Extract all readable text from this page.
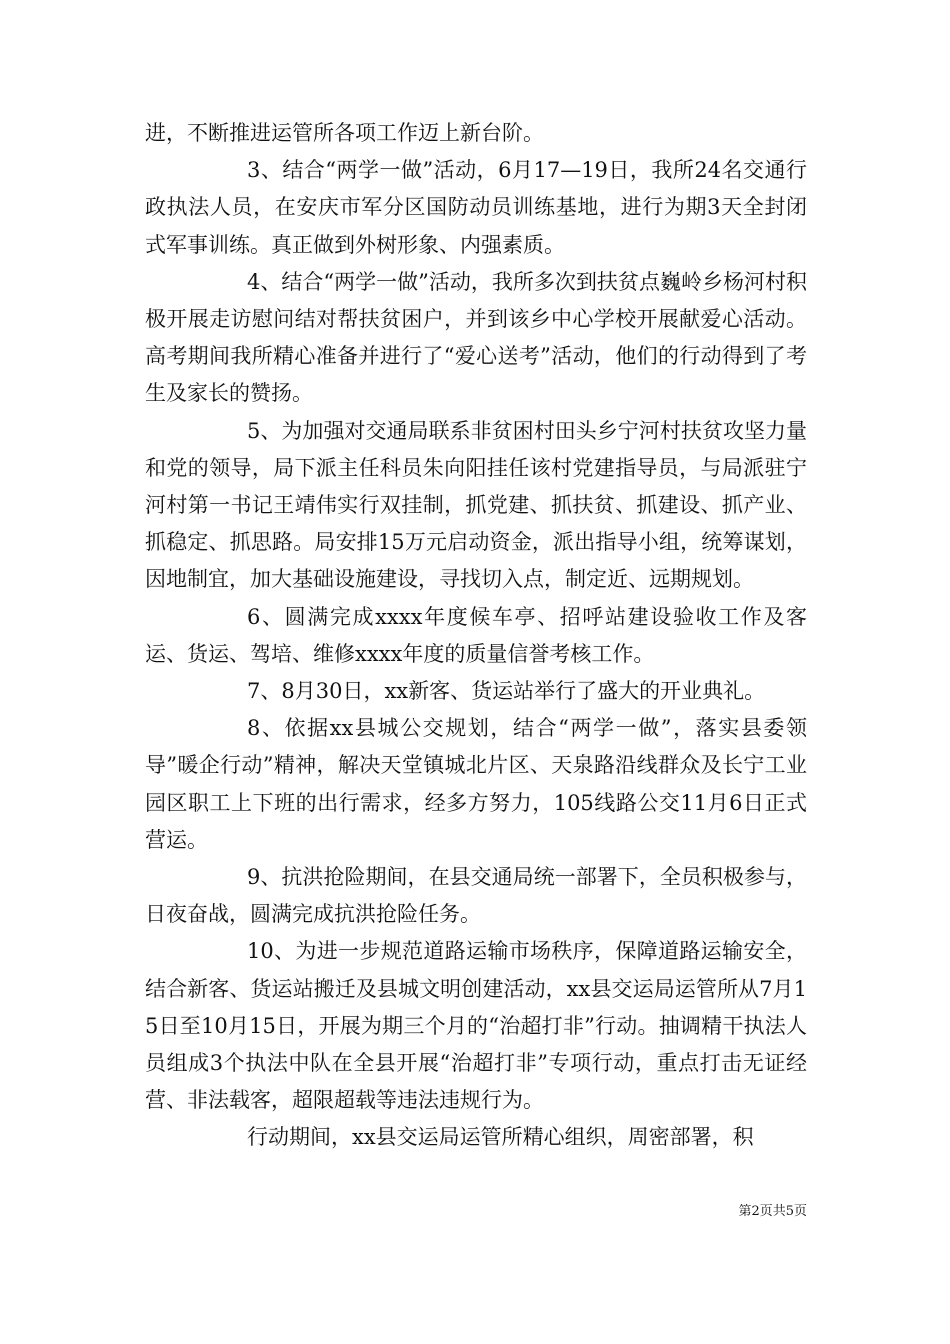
进，不断推进运管所各项工作迈上新台阶。

3、结合“两学一做”活动，6月17—19日，我所24名交通行政执法人员，在安庆市军分区国防动员训练基地，进行为期3天全封闭式军事训练。真正做到外树形象、内强素质。

4、结合“两学一做”活动，我所多次到扶贫点巍岭乡杨河村积极开展走访慰问结对帮扶贫困户，并到该乡中心学校开展献爱心活动。高考期间我所精心准备并进行了“爱心送考”活动，他们的行动得到了考生及家长的赞扬。

5、为加强对交通局联系非贫困村田头乡宁河村扶贫攻坚力量和党的领导，局下派主任科员朱向阳挂任该村党建指导员，与局派驻宁河村第一书记王靖伟实行双挂制，抓党建、抓扶贫、抓建设、抓产业、抓稳定、抓思路。局安排15万元启动资金，派出指导小组，统筹谋划，因地制宜，加大基础设施建设，寻找切入点，制定近、远期规划。

6、圆满完成xxxx年度候车亭、招呼站建设验收工作及客运、货运、驾培、维修xxxx年度的质量信誉考核工作。

7、8月30日，xx新客、货运站举行了盛大的开业典礼。

8、依据xx县城公交规划，结合“两学一做”，落实县委领导”暖企行动”精神，解决天堂镇城北片区、天泉路沿线群众及长宁工业园区职工上下班的出行需求，经多方努力，105线路公交11月6日正式营运。

9、抗洪抢险期间，在县交通局统一部署下，全员积极参与，日夜奋战，圆满完成抗洪抢险任务。

10、为进一步规范道路运输市场秩序，保障道路运输安全，结合新客、货运站搬迁及县城文明创建活动，xx县交运局运管所从7月15日至10月15日，开展为期三个月的“治超打非”行动。抽调精干执法人员组成3个执法中队在全县开展“治超打非”专项行动，重点打击无证经营、非法载客，超限超载等违法违规行为。

行动期间，xx县交运局运管所精心组织，周密部署，积

第2页共5页
